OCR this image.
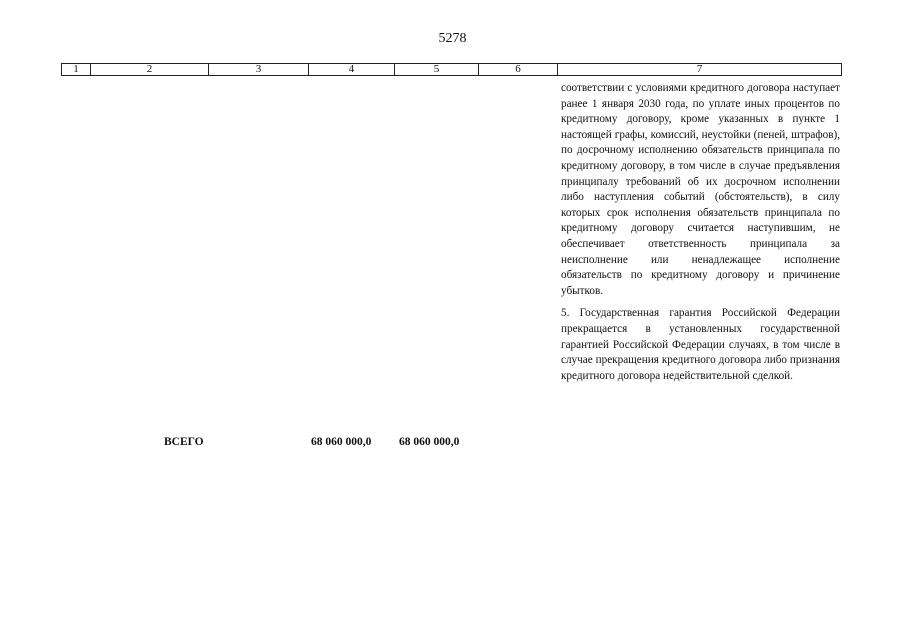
5278
1	2	3	4	5	6	7

соответствии с условиями кредитного договора наступает ранее 1 января 2030 года, по уплате иных процентов по кредитному договору, кроме указанных в пункте 1 настоящей графы, комиссий, неустойки (пеней, штрафов), по досрочному исполнению обязательств принципала по кредитному договору, в том числе в случае предъявления принципалу требований об их досрочном исполнении либо наступления событий (обстоятельств), в силу которых срок исполнения обязательств принципала по кредитному договору считается наступившим, не обеспечивает ответственность принципала за неисполнение или ненадлежащее исполнение обязательств по кредитному договору и причинение убытков.

5. Государственная гарантия Российской Федерации прекращается в установленных государственной гарантией Российской Федерации случаях, в том числе в случае прекращения кредитного договора либо признания кредитного договора недействительной сделкой.

ВСЕГО	68 060 000,0 68 060 000,0
